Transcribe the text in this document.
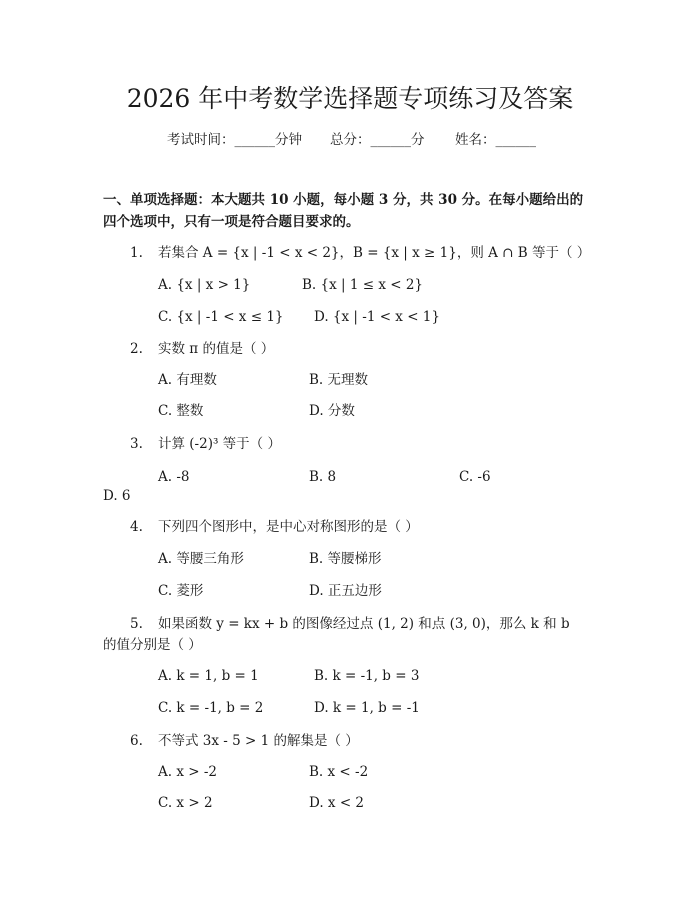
2026 年中考数学选择题专项练习及答案
考试时间：______分钟 总分：______分 姓名：______
一、单项选择题：本大题共 10 小题，每小题 3 分，共 30 分。在每小题给出的四个选项中，只有一项是符合题目要求的。
1. 若集合 A = {x | -1 < x < 2}，B = {x | x ≥ 1}，则 A ∩ B 等于（ ）
A. {x | x > 1}	B. {x | 1 ≤ x < 2}
C. {x | -1 < x ≤ 1} D. {x | -1 < x < 1}
2. 实数 π 的值是（ ）
A. 有理数	B. 无理数
C. 整数	D. 分数
3. 计算 (-2)³ 等于（ ）
A. -8	B. 8	C. -6
D. 6
4. 下列四个图形中，是中心对称图形的是（ ）
A. 等腰三角形	B. 等腰梯形
C. 菱形	D. 正五边形
5. 如果函数 y = kx + b 的图像经过点 (1, 2) 和点 (3, 0)，那么 k 和 b
的值分别是（ ）
A. k = 1, b = 1	B. k = -1, b = 3
C. k = -1, b = 2	D. k = 1, b = -1
6. 不等式 3x - 5 > 1 的解集是（ ）
A. x > -2	B. x < -2
C. x > 2	D. x < 2
